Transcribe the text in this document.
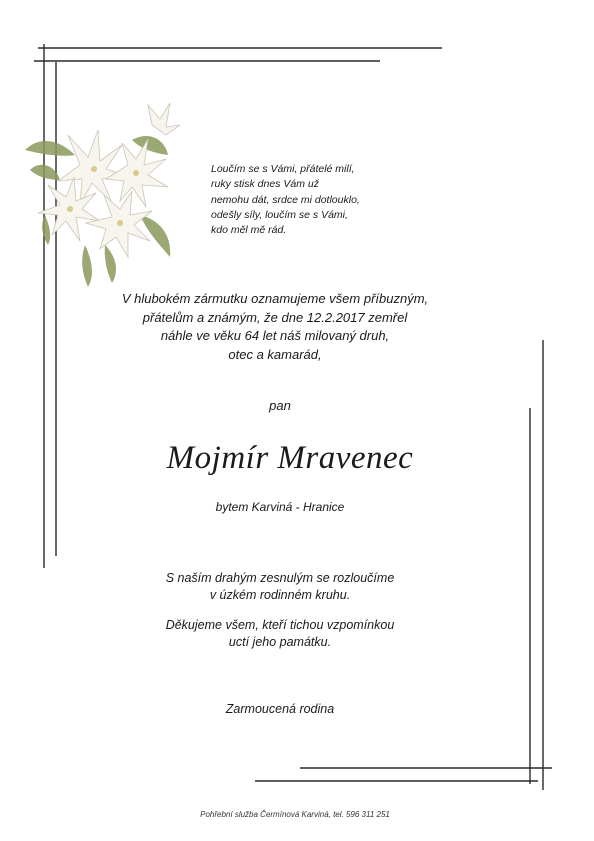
Loučím se s Vámi, přátelé milí,
ruky stisk dnes Vám už
nemohu dát, srdce mi dotlouklo,
odešly síly, loučím se s Vámi,
kdo měl mě rád.
V hlubokém zármutku oznamujeme všem příbuzným,
přátelům a známým, že dne 12.2.2017 zemřel
náhle ve věku 64 let náš milovaný druh,
otec a kamarád,
pan
Mojmír Mravenec
bytem Karviná - Hranice
S naším drahým zesnulým se rozloučíme
v úzkém rodinném kruhu.
Děkujeme všem, kteří tichou vzpomínkou
uctí jeho památku.
Zarmoucená rodina
Pohřební služba Čermínová Karviná, tel. 596 311 251
